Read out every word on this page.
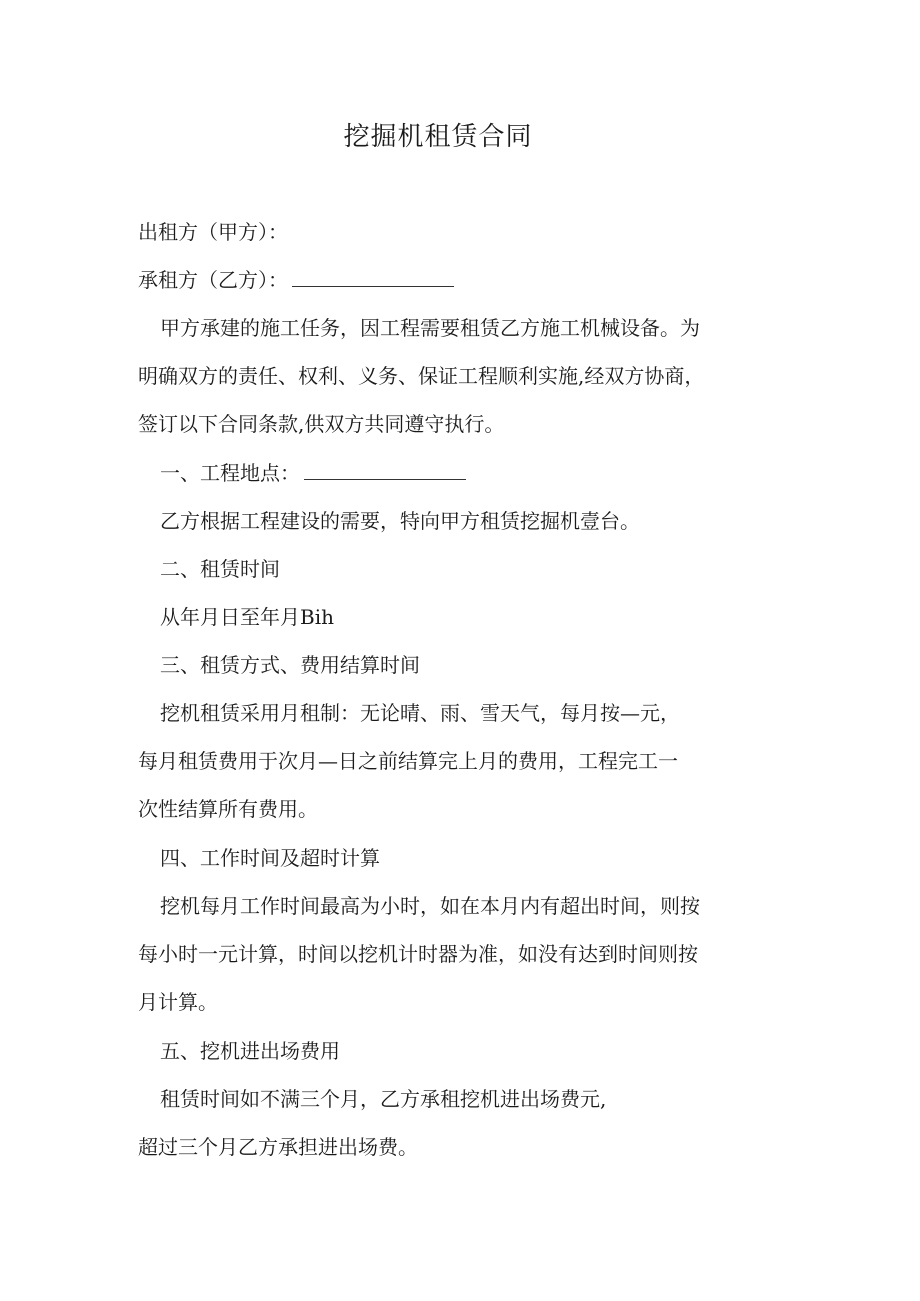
挖掘机租赁合同
出租方（甲方）：
承租方（乙方）：
甲方承建的施工任务，因工程需要租赁乙方施工机械设备。为
明确双方的责任、权利、义务、保证工程顺利实施,经双方协商，
签订以下合同条款,供双方共同遵守执行。
一、工程地点：
乙方根据工程建设的需要，特向甲方租赁挖掘机壹台。
二、租赁时间
从年月日至年月Bih
三、租赁方式、费用结算时间
挖机租赁采用月租制：无论晴、雨、雪天气，每月按—元，
每月租赁费用于次月—日之前结算完上月的费用，工程完工一
次性结算所有费用。
四、工作时间及超时计算
挖机每月工作时间最高为小时，如在本月内有超出时间，则按
每小时一元计算，时间以挖机计时器为准，如没有达到时间则按
月计算。
五、挖机进出场费用
租赁时间如不满三个月，乙方承租挖机进出场费元,
超过三个月乙方承担进出场费。
